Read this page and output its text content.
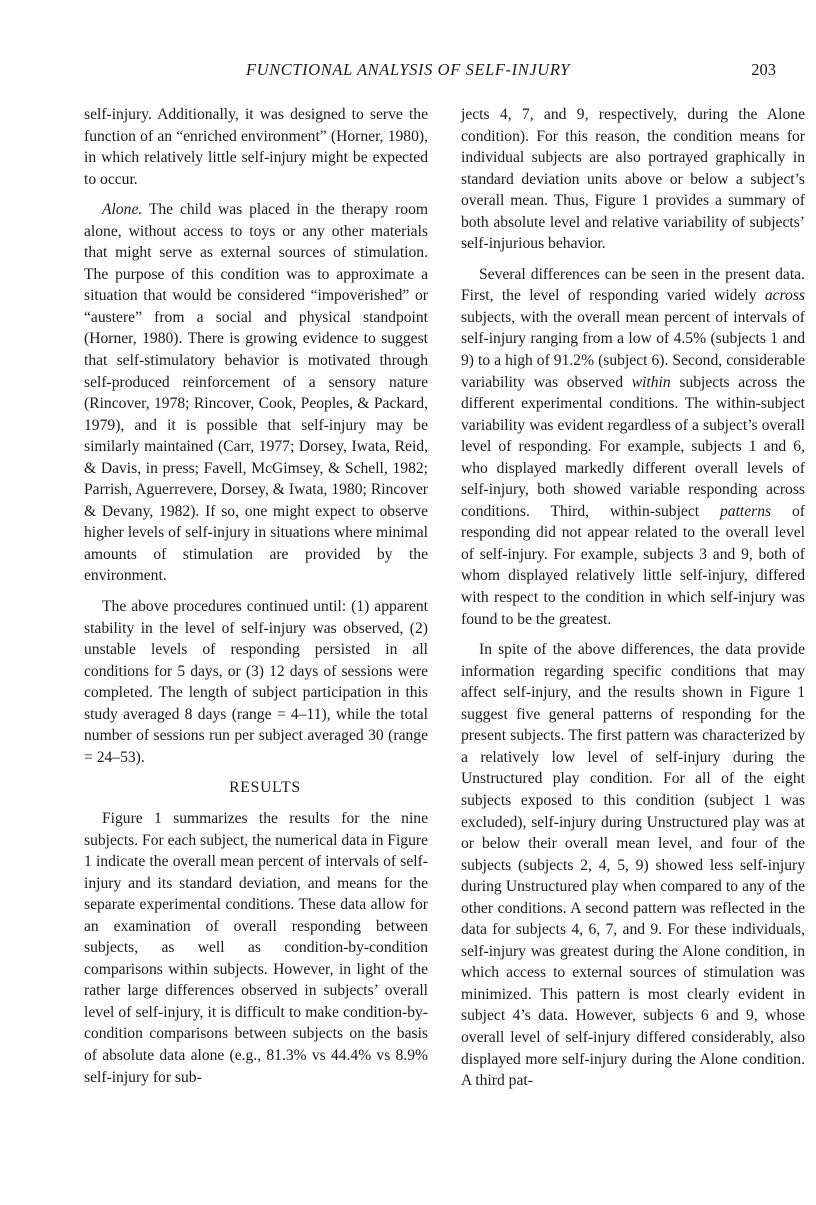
FUNCTIONAL ANALYSIS OF SELF-INJURY	203

self-injury. Additionally, it was designed to serve the function of an “enriched environment” (Horner, 1980), in which relatively little self-injury might be expected to occur.

Alone. The child was placed in the therapy room alone, without access to toys or any other materials that might serve as external sources of stimulation. The purpose of this condition was to approximate a situation that would be considered “impoverished” or “austere” from a social and physical standpoint (Horner, 1980). There is growing evidence to suggest that self-stimulatory behavior is motivated through self-produced reinforcement of a sensory nature (Rincover, 1978; Rincover, Cook, Peoples, & Packard, 1979), and it is possible that self-injury may be similarly maintained (Carr, 1977; Dorsey, Iwata, Reid, & Davis, in press; Favell, McGimsey, & Schell, 1982; Parrish, Aguerrevere, Dorsey, & Iwata, 1980; Rincover & Devany, 1982). If so, one might expect to observe higher levels of self-injury in situations where minimal amounts of stimulation are provided by the environment.

The above procedures continued until: (1) apparent stability in the level of self-injury was observed, (2) unstable levels of responding persisted in all conditions for 5 days, or (3) 12 days of sessions were completed. The length of subject participation in this study averaged 8 days (range = 4–11), while the total number of sessions run per subject averaged 30 (range = 24–53).

RESULTS

Figure 1 summarizes the results for the nine subjects. For each subject, the numerical data in Figure 1 indicate the overall mean percent of intervals of self-injury and its standard deviation, and means for the separate experimental conditions. These data allow for an examination of overall responding between subjects, as well as condition-by-condition comparisons within subjects. However, in light of the rather large differences observed in subjects’ overall level of self-injury, it is difficult to make condition-by-condition comparisons between subjects on the basis of absolute data alone (e.g., 81.3% vs 44.4% vs 8.9% self-injury for sub-

jects 4, 7, and 9, respectively, during the Alone condition). For this reason, the condition means for individual subjects are also portrayed graphically in standard deviation units above or below a subject’s overall mean. Thus, Figure 1 provides a summary of both absolute level and relative variability of subjects’ self-injurious behavior.

Several differences can be seen in the present data. First, the level of responding varied widely across subjects, with the overall mean percent of intervals of self-injury ranging from a low of 4.5% (subjects 1 and 9) to a high of 91.2% (subject 6). Second, considerable variability was observed within subjects across the different experimental conditions. The within-subject variability was evident regardless of a subject’s overall level of responding. For example, subjects 1 and 6, who displayed markedly different overall levels of self-injury, both showed variable responding across conditions. Third, within-subject patterns of responding did not appear related to the overall level of self-injury. For example, subjects 3 and 9, both of whom displayed relatively little self-injury, differed with respect to the condition in which self-injury was found to be the greatest.

In spite of the above differences, the data provide information regarding specific conditions that may affect self-injury, and the results shown in Figure 1 suggest five general patterns of responding for the present subjects. The first pattern was characterized by a relatively low level of self-injury during the Unstructured play condition. For all of the eight subjects exposed to this condition (subject 1 was excluded), self-injury during Unstructured play was at or below their overall mean level, and four of the subjects (subjects 2, 4, 5, 9) showed less self-injury during Unstructured play when compared to any of the other conditions. A second pattern was reflected in the data for subjects 4, 6, 7, and 9. For these individuals, self-injury was greatest during the Alone condition, in which access to external sources of stimulation was minimized. This pattern is most clearly evident in subject 4’s data. However, subjects 6 and 9, whose overall level of self-injury differed considerably, also displayed more self-injury during the Alone condition. A third pat-
